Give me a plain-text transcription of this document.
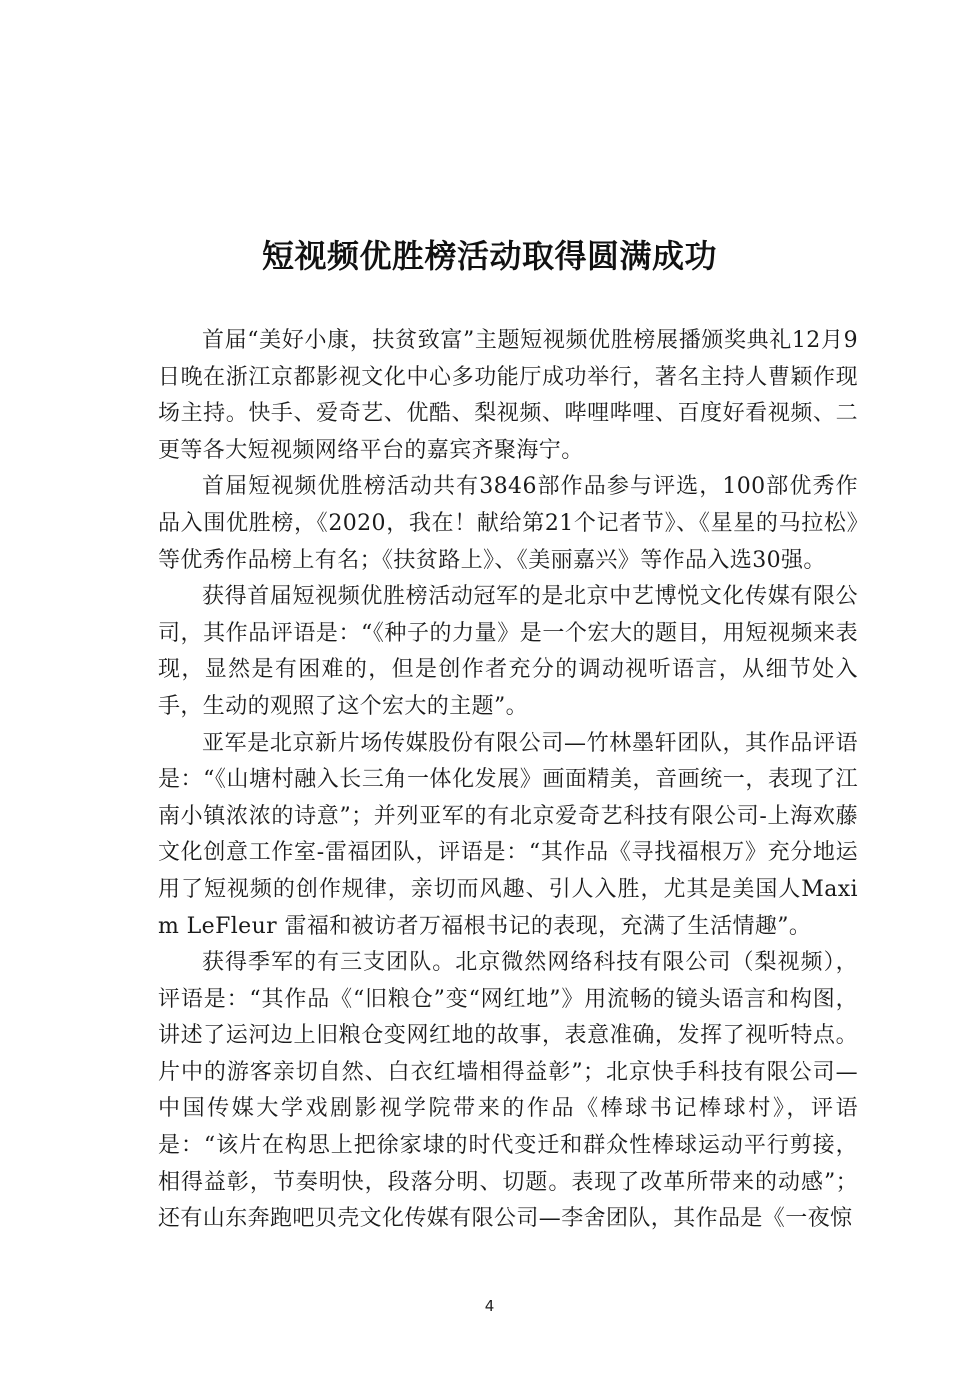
短视频优胜榜活动取得圆满成功

首届“美好小康，扶贫致富”主题短视频优胜榜展播颁奖典礼12月9日晚在浙江京都影视文化中心多功能厅成功举行，著名主持人曹颖作现场主持。快手、爱奇艺、优酷、梨视频、哔哩哔哩、百度好看视频、二更等各大短视频网络平台的嘉宾齐聚海宁。

首届短视频优胜榜活动共有3846部作品参与评选，100部优秀作品入围优胜榜，《2020，我在！献给第21个记者节》、《星星的马拉松》等优秀作品榜上有名；《扶贫路上》、《美丽嘉兴》等作品入选30强。

获得首届短视频优胜榜活动冠军的是北京中艺博悦文化传媒有限公司，其作品评语是：“《种子的力量》是一个宏大的题目，用短视频来表现，显然是有困难的，但是创作者充分的调动视听语言，从细节处入手，生动的观照了这个宏大的主题”。

亚军是北京新片场传媒股份有限公司—竹林墨轩团队，其作品评语是：“《山塘村融入长三角一体化发展》画面精美，音画统一，表现了江南小镇浓浓的诗意”；并列亚军的有北京爱奇艺科技有限公司-上海欢藤文化创意工作室-雷福团队，评语是：“其作品《寻找福根万》充分地运用了短视频的创作规律，亲切而风趣、引人入胜，尤其是美国人Maxim LeFleur 雷福和被访者万福根书记的表现，充满了生活情趣”。

获得季军的有三支团队。北京微然网络科技有限公司（梨视频），评语是：“其作品《“旧粮仓”变“网红地”》用流畅的镜头语言和构图，讲述了运河边上旧粮仓变网红地的故事，表意准确，发挥了视听特点。片中的游客亲切自然、白衣红墙相得益彰”；北京快手科技有限公司—中国传媒大学戏剧影视学院带来的作品《棒球书记棒球村》，评语是：“该片在构思上把徐家埭的时代变迁和群众性棒球运动平行剪接，相得益彰，节奏明快，段落分明、切题。表现了改革所带来的动感”；还有山东奔跑吧贝壳文化传媒有限公司—李舍团队，其作品是《一夜惊

4
